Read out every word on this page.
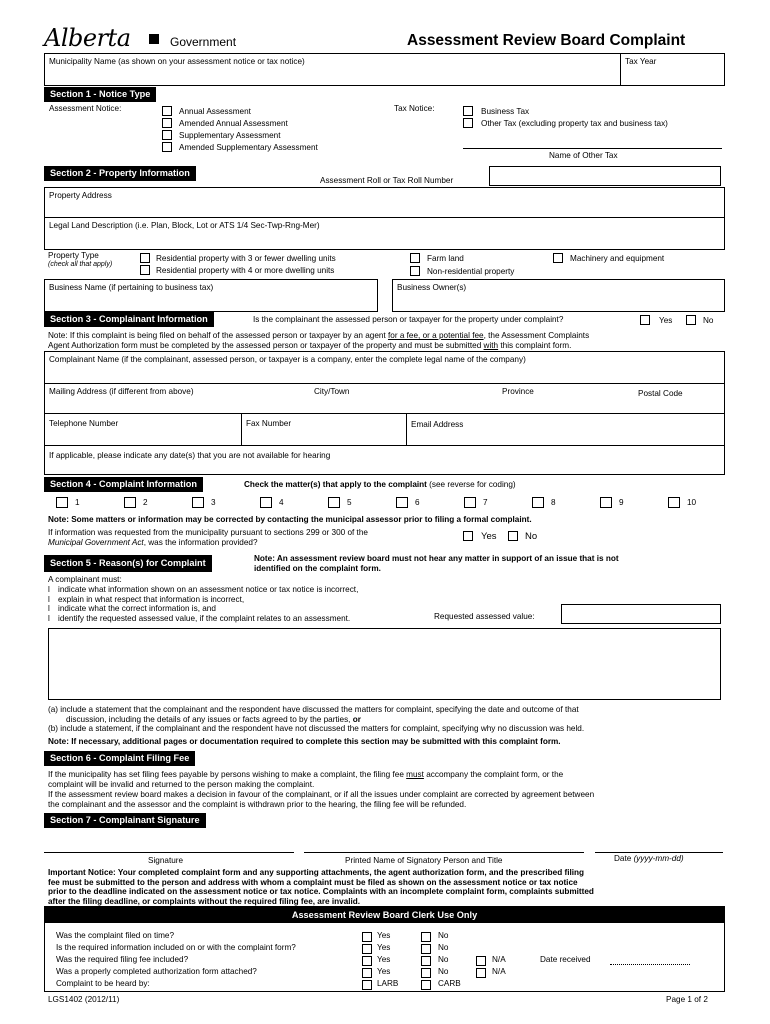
Alberta	Government	Assessment Review Board Complaint
Municipality Name (as shown on your assessment notice or tax notice)	Tax Year
Section 1 - Notice Type
Assessment Notice:	Annual Assessment
Amended Annual Assessment
Supplementary Assessment
Amended Supplementary Assessment
Tax Notice:	Business Tax
Other Tax (excluding property tax and business tax)
Name of Other Tax
Section 2 - Property Information
Assessment Roll or Tax Roll Number
Property Address
Legal Land Description (i.e. Plan, Block, Lot or ATS 1/4 Sec-Twp-Rng-Mer)
Property Type
(check all that apply)
Residential property with 3 or fewer dwelling units
Residential property with 4 or more dwelling units
Farm land
Non-residential property
Machinery and equipment
Business Name (if pertaining to business tax)	Business Owner(s)
Section 3 - Complainant Information	Is the complainant the assessed person or taxpayer for the property under complaint?	Yes	No
Note: If this complaint is being filed on behalf of the assessed person or taxpayer by an agent for a fee, or a potential fee, the Assessment Complaints
Agent Authorization form must be completed by the assessed person or taxpayer of the property and must be submitted with this complaint form.
Complainant Name (if the complainant, assessed person, or taxpayer is a company, enter the complete legal name of the company)
Mailing Address (if different from above)	City/Town	Province	Postal Code
Telephone Number	Fax Number	Email Address
If applicable, please indicate any date(s) that you are not available for hearing
Section 4 - Complaint Information	Check the matter(s) that apply to the complaint (see reverse for coding)
1	2	3	4	5	6	7	8	9	10
Note: Some matters or information may be corrected by contacting the municipal assessor prior to filing a formal complaint.
If information was requested from the municipality pursuant to sections 299 or 300 of the
Municipal Government Act, was the information provided?
Yes	No
Section 5 - Reason(s) for Complaint	Note: An assessment review board must not hear any matter in support of an issue that is not
identified on the complaint form.
A complainant must:
l indicate what information shown on an assessment notice or tax notice is incorrect,
l explain in what respect that information is incorrect,
l indicate what the correct information is, and
l identify the requested assessed value, if the complaint relates to an assessment.	Requested assessed value:
(a) include a statement that the complainant and the respondent have discussed the matters for complaint, specifying the date and outcome of that
discussion, including the details of any issues or facts agreed to by the parties, or
(b) include a statement, if the complainant and the respondent have not discussed the matters for complaint, specifying why no discussion was held.
Note: If necessary, additional pages or documentation required to complete this section may be submitted with this complaint form.
Section 6 - Complaint Filing Fee
If the municipality has set filing fees payable by persons wishing to make a complaint, the filing fee must accompany the complaint form, or the
complaint will be invalid and returned to the person making the complaint.
If the assessment review board makes a decision in favour of the complainant, or if all the issues under complaint are corrected by agreement between
the complainant and the assessor and the complaint is withdrawn prior to the hearing, the filing fee will be refunded.
Section 7 - Complainant Signature
Signature	Printed Name of Signatory Person and Title	Date (yyyy-mm-dd)
Important Notice: Your completed complaint form and any supporting attachments, the agent authorization form, and the prescribed filing
fee must be submitted to the person and address with whom a complaint must be filed as shown on the assessment notice or tax notice
prior to the deadline indicated on the assessment notice or tax notice. Complaints with an incomplete complaint form, complaints submitted
after the filing deadline, or complaints without the required filing fee, are invalid.
Assessment Review Board Clerk Use Only
Was the complaint filed on time?	Yes	No
Is the required information included on or with the complaint form?	Yes	No
Was the required filing fee included?	Yes	No	N/A
Was a properly completed authorization form attached?	Yes	No	N/A
Complaint to be heard by:	LARB	CARB
Date received
LGS1402 (2012/11)	Page 1 of 2
